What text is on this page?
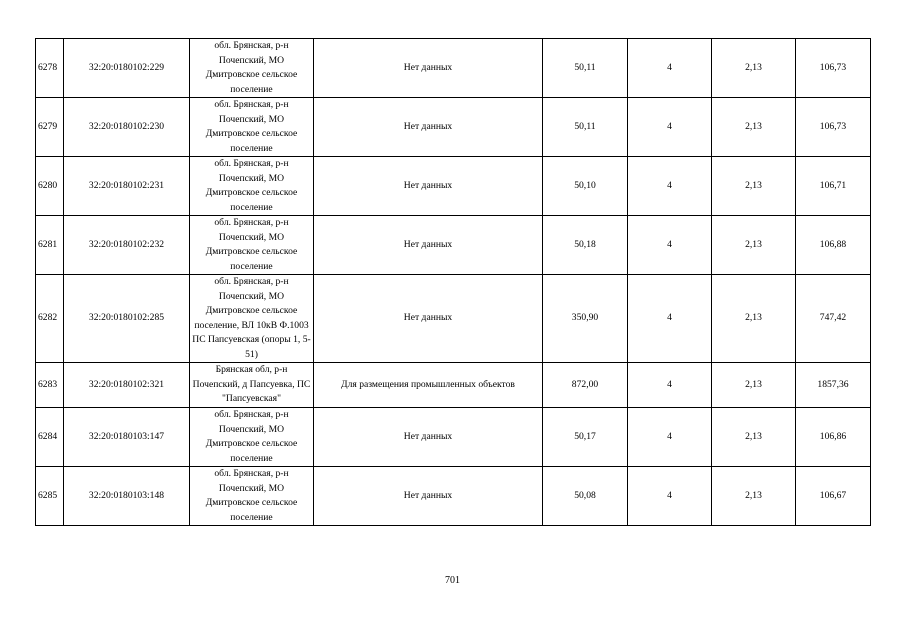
6278	32:20:0180102:229	обл. Брянская, р-н Почепский, МО Дмитровское сельское поселение	Нет данных	50,11	4	2,13	106,73
6279	32:20:0180102:230	обл. Брянская, р-н Почепский, МО Дмитровское сельское поселение	Нет данных	50,11	4	2,13	106,73
6280	32:20:0180102:231	обл. Брянская, р-н Почепский, МО Дмитровское сельское поселение	Нет данных	50,10	4	2,13	106,71
6281	32:20:0180102:232	обл. Брянская, р-н Почепский, МО Дмитровское сельское поселение	Нет данных	50,18	4	2,13	106,88
6282	32:20:0180102:285	обл. Брянская, р-н Почепский, МО Дмитровское сельское поселение, ВЛ 10кВ Ф.1003 ПС Папсуевская (опоры 1, 5-51)	Нет данных	350,90	4	2,13	747,42
6283	32:20:0180102:321	Брянская обл, р-н Почепский, д Папсуевка, ПС "Папсуевская"	Для размещения промышленных объектов	872,00	4	2,13	1857,36
6284	32:20:0180103:147	обл. Брянская, р-н Почепский, МО Дмитровское сельское поселение	Нет данных	50,17	4	2,13	106,86
6285	32:20:0180103:148	обл. Брянская, р-н Почепский, МО Дмитровское сельское поселение	Нет данных	50,08	4	2,13	106,67
701
